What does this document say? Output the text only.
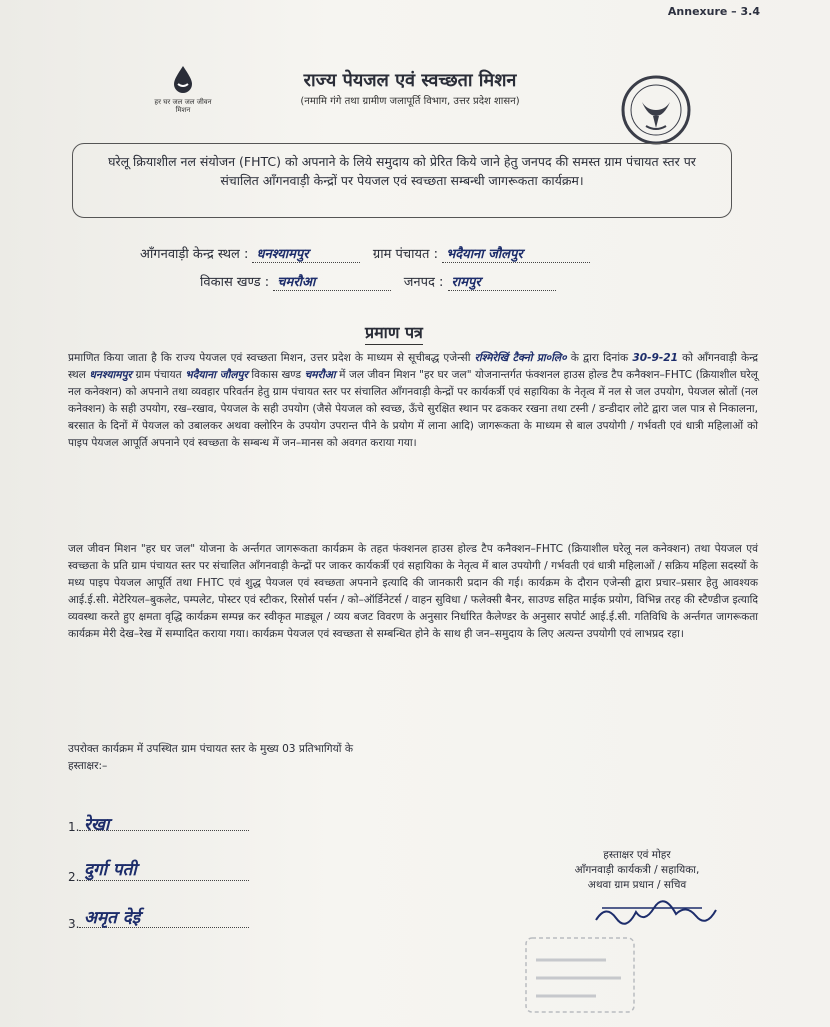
Annexure – 3.4
हर घर जल जल जीवन मिशन
राज्य पेयजल एवं स्वच्छता मिशन
(नमामि गंगे तथा ग्रामीण जलापूर्ति विभाग, उत्तर प्रदेश शासन)
घरेलू क्रियाशील नल संयोजन (FHTC) को अपनाने के लिये समुदाय को प्रेरित किये जाने हेतु जनपद की समस्त ग्राम पंचायत स्तर पर संचालित आँगनवाड़ी केन्द्रों पर पेयजल एवं स्वच्छता सम्बन्धी जागरूकता कार्यक्रम।
आँगनवाड़ी केन्द्र स्थल : धनश्यामपुर	ग्राम पंचायत : भदैयाना जौलपुर
विकास खण्ड : चमरौआ	जनपद : रामपुर
प्रमाण पत्र
प्रमाणित किया जाता है कि राज्य पेयजल एवं स्वच्छता मिशन, उत्तर प्रदेश के माध्यम से सूचीबद्ध एजेन्सी रश्मिरेखिं टैक्नो प्रा०लि० के द्वारा दिनांक 30-9-21 को आँगनवाड़ी केन्द्र स्थल धनश्यामपुर ग्राम पंचायत भदैयाना जौलपुर विकास खण्ड चमरौआ में जल जीवन मिशन "हर घर जल" योजनान्तर्गत फंक्शनल हाउस होल्ड टैप कनैक्शन–FHTC (क्रियाशील घरेलू नल कनेक्शन) को अपनाने तथा व्यवहार परिवर्तन हेतु ग्राम पंचायत स्तर पर संचालित आँगनवाड़ी केन्द्रों पर कार्यकर्त्री एवं सहायिका के नेतृत्व में नल से जल उपयोग, पेयजल स्रोतों (नल कनेक्शन) के सही उपयोग, रख–रखाव, पेयजल के सही उपयोग (जैसे पेयजल को स्वच्छ, ऊँचे सुरक्षित स्थान पर ढककर रखना तथा टस्नी / डन्डीदार लोटे द्वारा जल पात्र से निकालना, बरसात के दिनों में पेयजल को उबालकर अथवा क्लोरिन के उपयोग उपरान्त पीने के प्रयोग में लाना आदि) जागरूकता के माध्यम से बाल उपयोगी / गर्भवती एवं धात्री महिलाओं को पाइप पेयजल आपूर्ति अपनाने एवं स्वच्छता के सम्बन्ध में जन–मानस को अवगत कराया गया।
जल जीवन मिशन "हर घर जल" योजना के अर्न्तगत जागरूकता कार्यक्रम के तहत फंक्शनल हाउस होल्ड टैप कनैक्शन–FHTC (क्रियाशील घरेलू नल कनेक्शन) तथा पेयजल एवं स्वच्छता के प्रति ग्राम पंचायत स्तर पर संचालित आँगनवाड़ी केन्द्रों पर जाकर कार्यकर्त्री एवं सहायिका के नेतृत्व में बाल उपयोगी / गर्भवती एवं धात्री महिलाओं / सक्रिय महिला सदस्यों के मध्य पाइप पेयजल आपूर्ति तथा FHTC एवं शुद्ध पेयजल एवं स्वच्छता अपनाने इत्यादि की जानकारी प्रदान की गई। कार्यक्रम के दौरान एजेन्सी द्वारा प्रचार–प्रसार हेतु आवश्यक आई.ई.सी. मेटेरियल–बुकलेट, पम्पलेट, पोस्टर एवं स्टीकर, रिसोर्स पर्सन / को–ऑर्डिनेटर्स / वाहन सुविधा / फलेक्सी बैनर, साउण्ड सहित माईक प्रयोग, विभिन्न तरह की स्टैण्डीज इत्यादि व्यवस्था करते हुए क्षमता वृद्धि कार्यक्रम सम्पन्न कर स्वीकृत माड्यूल / व्यय बजट विवरण के अनुसार निर्धारित कैलेण्डर के अनुसार सपोर्ट आई.ई.सी. गतिविधि के अर्न्तगत जागरूकता कार्यक्रम मेरी देख–रेख में सम्पादित कराया गया। कार्यक्रम पेयजल एवं स्वच्छता से सम्बन्धित होने के साथ ही जन–समुदाय के लिए अत्यन्त उपयोगी एवं लाभप्रद रहा।
उपरोक्त कार्यक्रम में उपस्थित ग्राम पंचायत स्तर के मुख्य 03 प्रतिभागियों के
हस्ताक्षर:–
1. रेखा
2. दुर्गा पती
3. अमृत देई
हस्ताक्षर एवं मोहर
आँगनवाड़ी कार्यकत्री / सहायिका,
अथवा ग्राम प्रधान / सचिव
